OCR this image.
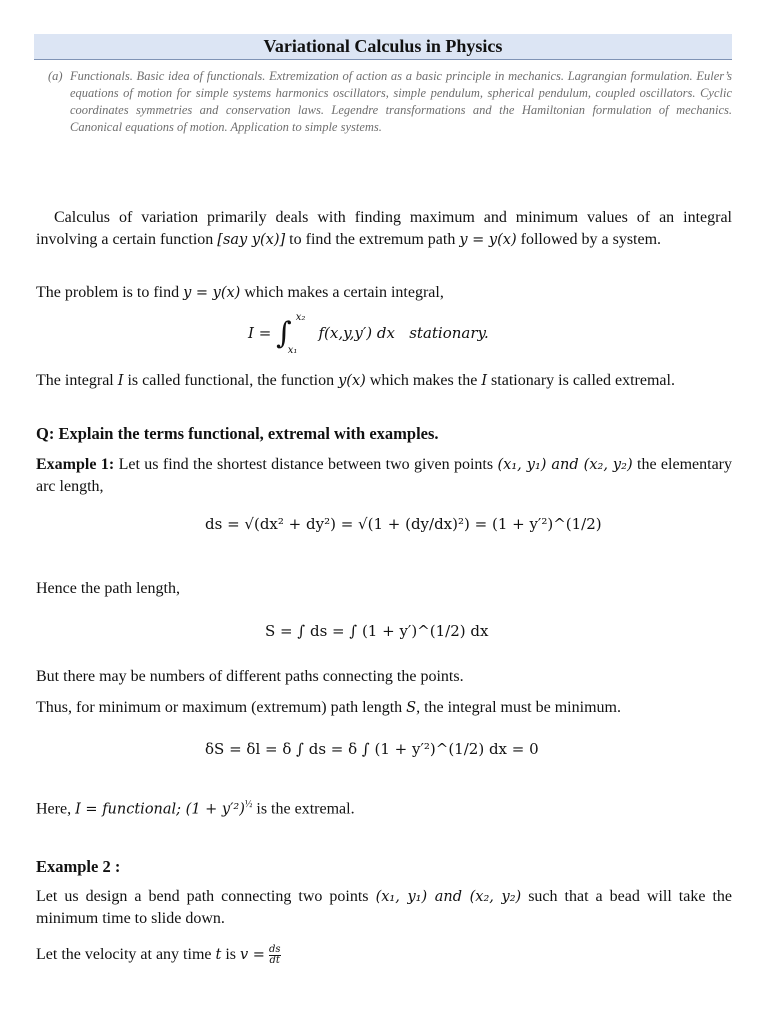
Variational Calculus in Physics
(a) Functionals. Basic idea of functionals. Extremization of action as a basic principle in mechanics. Lagrangian formulation. Euler’s equations of motion for simple systems harmonics oscillators, simple pendulum, spherical pendulum, coupled oscillators. Cyclic coordinates symmetries and conservation laws. Legendre transformations and the Hamiltonian formulation of mechanics. Canonical equations of motion. Application to simple systems.
Calculus of variation primarily deals with finding maximum and minimum values of an integral involving a certain function [say y(x)] to find the extremum path y = y(x) followed by a system.
The problem is to find y = y(x) which makes a certain integral,
I = ∫ x₂
x₁
f(x,y,y′) dx stationary.
The integral I is called functional, the function y(x) which makes the I stationary is called extremal.
Q: Explain the terms functional, extremal with examples.
Example 1: Let us find the shortest distance between two given points (x₁, y₁) and (x₂, y₂) the elementary arc length,
ds = √(dx² + dy²) = √(1 + (dy/dx)²) = (1 + y′²)^(1/2)
Hence the path length,
S = ∫ ds = ∫ (1 + y′)^(1/2) dx
But there may be numbers of different paths connecting the points.
Thus, for minimum or maximum (extremum) path length S, the integral must be minimum.
δS = δl = δ ∫ ds = δ ∫ (1 + y′²)^(1/2) dx = 0
Here, I = functional; $(1 + y'^2)^{\frac{1}{2}}$ is the extremal.
Example 2 :
Let us design a bend path connecting two points (x₁, y₁) and (x₂, y₂) such that a bead will take the minimum time to slide down.
Let the velocity at any time t is $v = \frac{ds}{dt}$
